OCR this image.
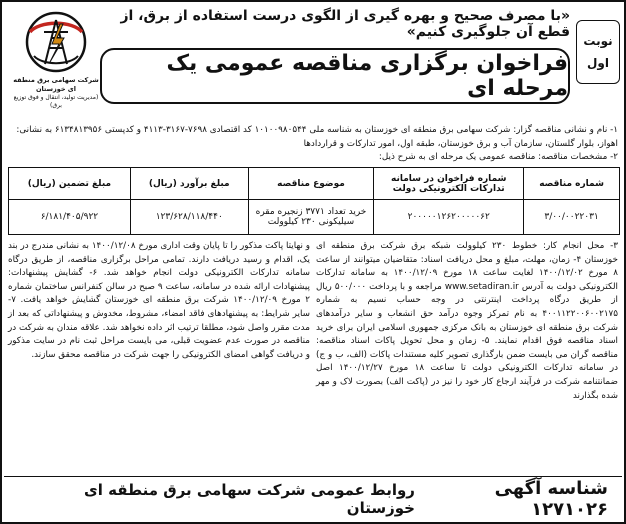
نوبت
اول
«با مصرف صحیح و بهره گیری از الگوی درست استفاده از برق، از قطع آن جلوگیری کنیم»
فراخوان برگزاری مناقصه عمومی یک مرحله ای
شرکت سهامی برق منطقه ای خوزستان
(مدیریت تولید، انتقال و فوق توزیع برق)

۱- نام و نشانی مناقصه گزار: شرکت سهامی برق منطقه ای خوزستان به شناسه ملی ۱۰۱۰۰۹۸۰۵۴۴ کد اقتصادی ۷۶۹۸-۳۱۶۷-۴۱۱۳ و کدپستی ۶۱۳۴۸۱۳۹۵۶ به نشانی: اهواز، بلوار گلستان، سازمان آب و برق خوزستان، طبقه اول، امور تدارکات و قراردادها

۲- مشخصات مناقصه: مناقصه عمومی یک مرحله ای به شرح ذیل:

شماره مناقصه	شماره فراخوان در سامانه تدارکات الکترونیکی دولت	موضوع مناقصه	مبلغ برآورد (ریال)	مبلغ تضمین (ریال)
۳/۰۰/۰۰۲۲۰۳۱	۲۰۰۰۰۰۱۲۶۲۰۰۰۰۰۶۲	خرید تعداد ۳۷۷۱ زنجیره مقره سیلیکونی ۲۳۰ کیلوولت	۱۲۳/۶۲۸/۱۱۸/۴۴۰	۶/۱۸۱/۴۰۵/۹۲۲
۳- محل انجام کار: خطوط ۲۳۰ کیلوولت شبکه برق شرکت برق منطقه ای خوزستان ۴- زمان، مهلت، مبلغ و محل دریافت اسناد: متقاضیان میتوانند از ساعت ۸ مورخ ۱۴۰۰/۱۲/۰۲ لغایت ساعت ۱۸ مورخ ۱۴۰۰/۱۲/۰۹ به سامانه تدارکات الکترونیکی دولت به آدرس www.setadiran.ir مراجعه و با پرداخت ۵۰۰/۰۰۰ ریال از طریق درگاه پرداخت اینترنتی در وجه حساب نسیم به شماره ۴۰۰۱۱۲۲۰۰۶۰۰۲۱۷۵ به نام تمرکز وجوه درآمد حق انشعاب و سایر درآمدهای شرکت برق منطقه ای خوزستان به بانک مرکزی جمهوری اسلامی ایران برای خرید اسناد مناقصه فوق اقدام نمایند. ۵- زمان و محل تحویل پاکات اسناد مناقصه: مناقصه گران می بایست ضمن بارگذاری تصویر کلیه مستندات پاکات (الف، ب و ج) در سامانه تدارکات الکترونیکی دولت تا ساعت ۱۸ مورخ ۱۴۰۰/۱۲/۲۷ اصل ضمانتنامه شرکت در فرآیند ارجاع کار خود را نیز در (پاکت الف) بصورت لاک و مهر شده بگذارند
و نهایتا پاکت مذکور را تا پایان وقت اداری مورخ ۱۴۰۰/۱۲/۰۸ به نشانی مندرج در بند یک، اقدام و رسید دریافت دارند. تمامی مراحل برگزاری مناقصه، از طریق درگاه سامانه تدارکات الکترونیکی دولت انجام خواهد شد. ۶- گشایش پیشنهادات: پیشنهادات ارائه شده در سامانه، ساعت ۹ صبح در سالن کنفرانس ساختمان شماره ۲ مورخ ۱۴۰۰/۱۲/۰۹ شرکت برق منطقه ای خوزستان گشایش خواهد یافت. ۷- سایر شرایط: به پیشنهادهای فاقد امضاء، مشروط، مخدوش و پیشنهاداتی که بعد از مدت مقرر واصل شود، مطلقا ترتیب اثر داده نخواهد شد. علاقه مندان به شرکت در مناقصه در صورت عدم عضویت قبلی، می بایست مراحل ثبت نام در سایت مذکور و دریافت گواهی امضای الکترونیکی را جهت شرکت در مناقصه محقق سازند.
شناسه آگهی ۱۲۷۱۰۲۶
روابط عمومی شرکت سهامی برق منطقه ای خوزستان
